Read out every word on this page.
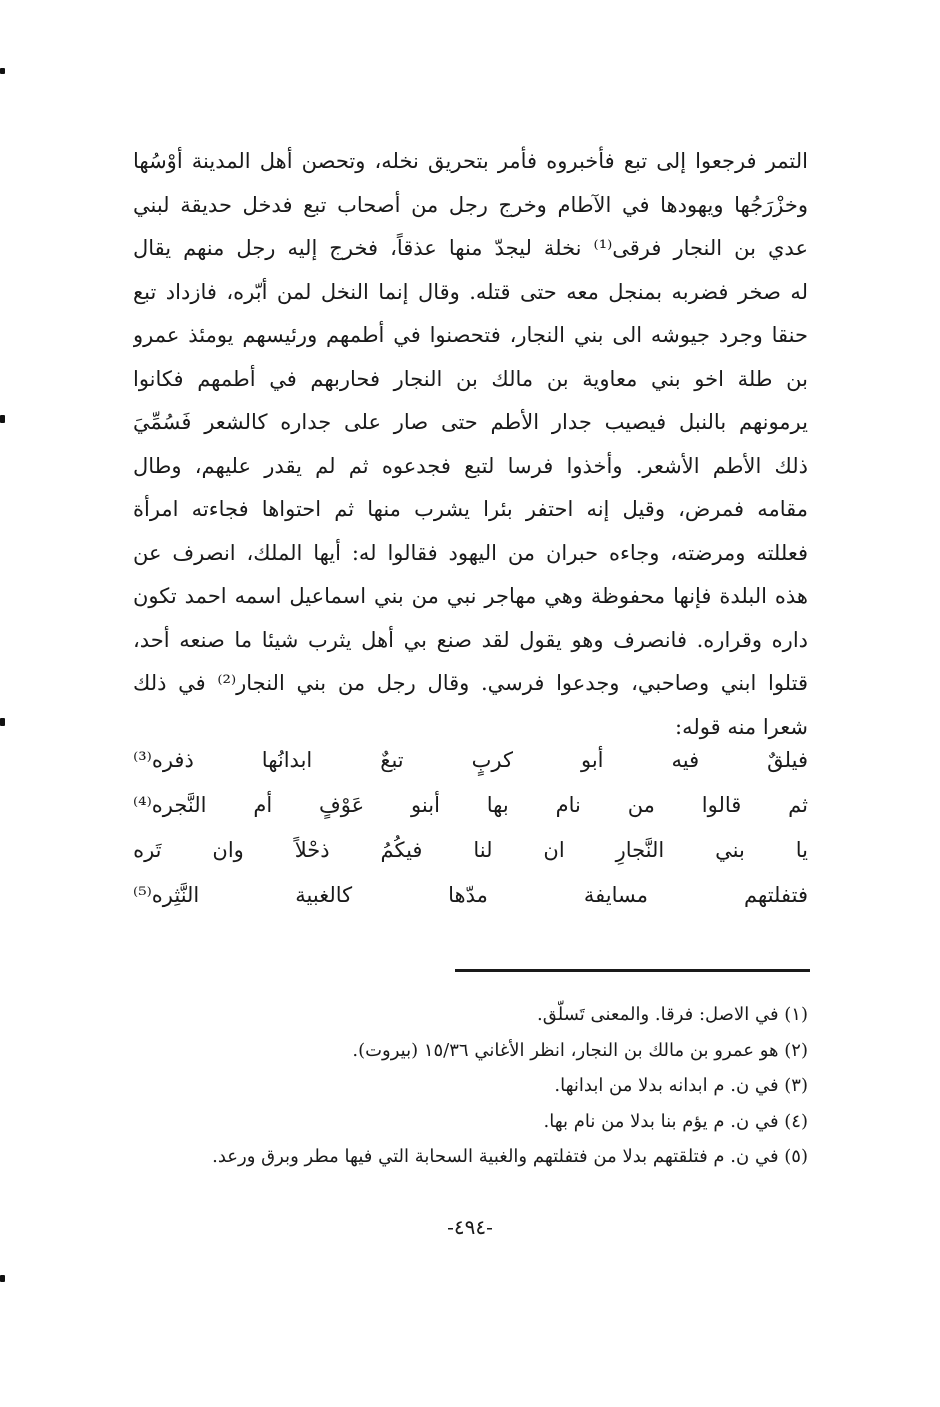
التمر فرجعوا إلى تبع فأخبروه فأمر بتحريق نخله، وتحصن أهل المدينة أوْسُها
وخزْرَجُها ويهودها في الآطام وخرج رجل من أصحاب تبع فدخل حديقة لبني
عدي بن النجار فرقى⁽¹⁾ نخلة ليجدّ منها عذقاً، فخرج إليه رجل منهم يقال
له صخر فضربه بمنجل معه حتى قتله. وقال إنما النخل لمن أبّره، فازداد تبع
حنقا وجرد جيوشه الى بني النجار، فتحصنوا في أطمهم ورئيسهم يومئذ عمرو
بن طلة اخو بني معاوية بن مالك بن النجار فحاربهم في أطمهم فكانوا
يرمونهم بالنبل فيصيب جدار الأطم حتى صار على جداره كالشعر فَسُمِّيَ
ذلك الأطم الأشعر. وأخذوا فرسا لتبع فجدعوه ثم لم يقدر عليهم، وطال
مقامه فمرض، وقيل إنه احتفر بئرا يشرب منها ثم احتواها فجاءته امرأة
فعللته ومرضته، وجاءه حبران من اليهود فقالوا له: أيها الملك، انصرف عن
هذه البلدة فإنها محفوظة وهي مهاجر نبي من بني اسماعيل اسمه احمد تكون
داره وقراره. فانصرف وهو يقول لقد صنع بي أهل يثرب شيئا ما صنعه أحد،
قتلوا ابني وصاحبي، وجدعوا فرسي. وقال رجل من بني النجار⁽²⁾ في ذلك
شعرا منه قوله:
فيلقٌ
فيه
أبو
كربٍ
تبعٌ
ابدانُها
ذفره⁽³⁾
ثم
قالوا
من
نام
بها
أبنو
عَوْفٍ
أم
النَّجره⁽⁴⁾
يا
بني
النَّجارِ
ان
لنا
فيكُمُ
ذحْلاً
وان
تَره
فتفلتهم
مسايفة
مدّها
كالغبية
النَّثِره⁽⁵⁾
(١) في الاصل: فرقا. والمعنى تَسلّق.
(٢) هو عمرو بن مالك بن النجار، انظر الأغاني ١٥/٣٦ (بيروت).
(٣) في ن. م ابدانه بدلا من ابدانها.
(٤) في ن. م يؤم بنا بدلا من نام بها.
(٥) في ن. م فتلقتهم بدلا من فتفلتهم والغبية السحابة التي فيها مطر وبرق ورعد.
-٤٩٤-
